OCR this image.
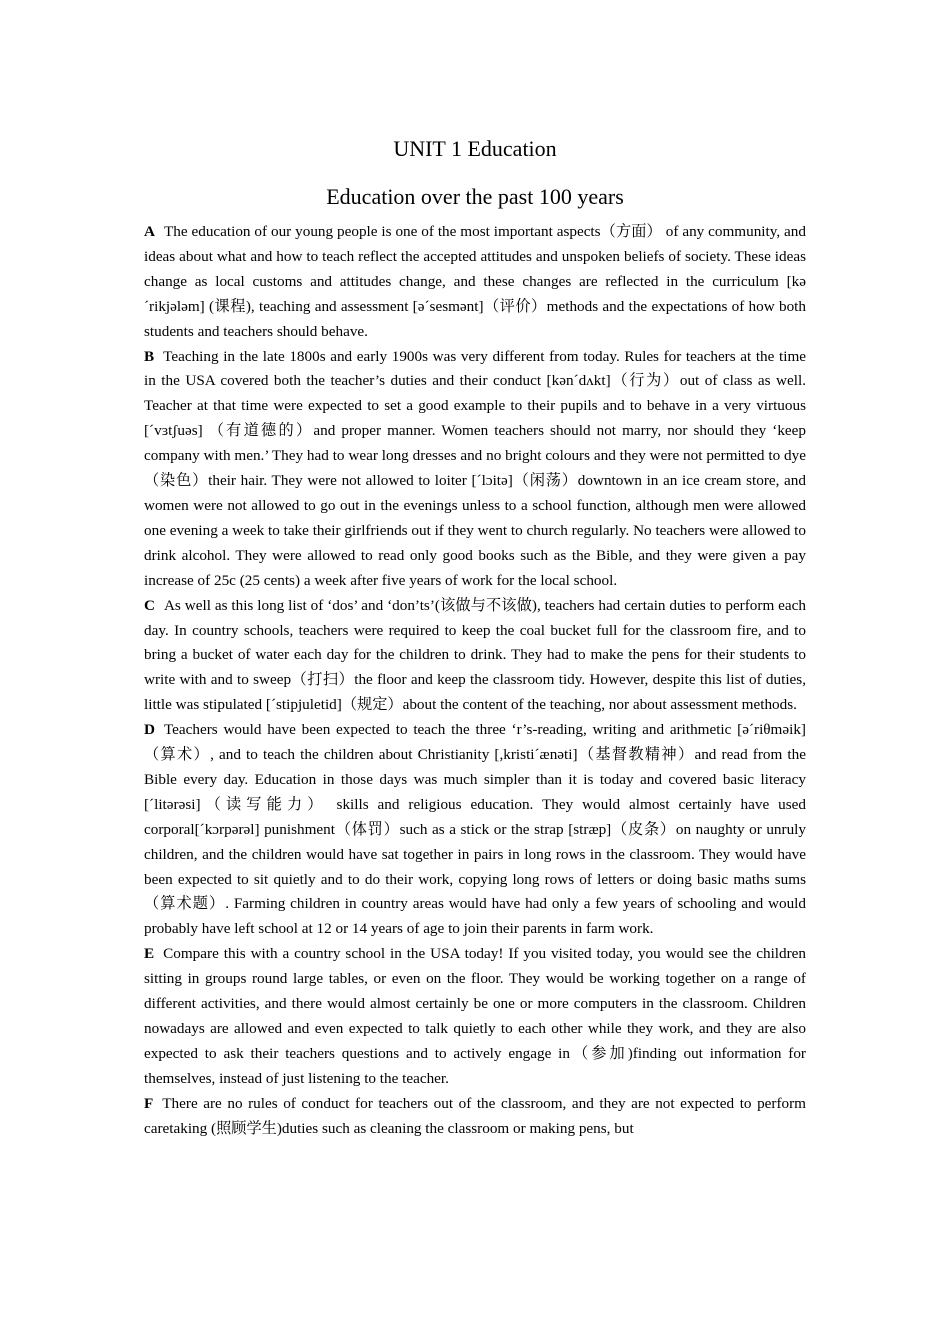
UNIT 1 Education
Education over the past 100 years

A The education of our young people is one of the most important aspects（方面） of any community, and ideas about what and how to teach reflect the accepted attitudes and unspoken beliefs of society. These ideas change as local customs and attitudes change, and these changes are reflected in the curriculum [kə´rikjələm] (课程), teaching and assessment [ə´sesmənt]（评价）methods and the expectations of how both students and teachers should behave.

B Teaching in the late 1800s and early 1900s was very different from today. Rules for teachers at the time in the USA covered both the teacher’s duties and their conduct [kən´dʌkt]（行为）out of class as well. Teacher at that time were expected to set a good example to their pupils and to behave in a very virtuous [´vɜtʃuəs] （有道德的）and proper manner. Women teachers should not marry, nor should they ‘keep company with men.’ They had to wear long dresses and no bright colours and they were not permitted to dye（染色）their hair. They were not allowed to loiter [´lɔitə]（闲荡）downtown in an ice cream store, and women were not allowed to go out in the evenings unless to a school function, although men were allowed one evening a week to take their girlfriends out if they went to church regularly. No teachers were allowed to drink alcohol. They were allowed to read only good books such as the Bible, and they were given a pay increase of 25c (25 cents) a week after five years of work for the local school.

C As well as this long list of ‘dos’ and ‘don’ts’(该做与不该做), teachers had certain duties to perform each day. In country schools, teachers were required to keep the coal bucket full for the classroom fire, and to bring a bucket of water each day for the children to drink. They had to make the pens for their students to write with and to sweep（打扫）the floor and keep the classroom tidy. However, despite this list of duties, little was stipulated [´stipjuletid]（规定）about the content of the teaching, nor about assessment methods.

D Teachers would have been expected to teach the three ‘r’s-reading, writing and arithmetic [ə´riθməik]（算术）, and to teach the children about Christianity [,kristi´ænəti]（基督教精神）and read from the Bible every day. Education in those days was much simpler than it is today and covered basic literacy [´litərəsi]（读写能力） skills and religious education. They would almost certainly have used corporal[´kɔrpərəl] punishment（体罚）such as a stick or the strap [stræp]（皮条）on naughty or unruly children, and the children would have sat together in pairs in long rows in the classroom. They would have been expected to sit quietly and to do their work, copying long rows of letters or doing basic maths sums （算术题）. Farming children in country areas would have had only a few years of schooling and would probably have left school at 12 or 14 years of age to join their parents in farm work.

E Compare this with a country school in the USA today! If you visited today, you would see the children sitting in groups round large tables, or even on the floor. They would be working together on a range of different activities, and there would almost certainly be one or more computers in the classroom. Children nowadays are allowed and even expected to talk quietly to each other while they work, and they are also expected to ask their teachers questions and to actively engage in（参加)finding out information for themselves, instead of just listening to the teacher.

F There are no rules of conduct for teachers out of the classroom, and they are not expected to perform caretaking (照顾学生)duties such as cleaning the classroom or making pens, but
